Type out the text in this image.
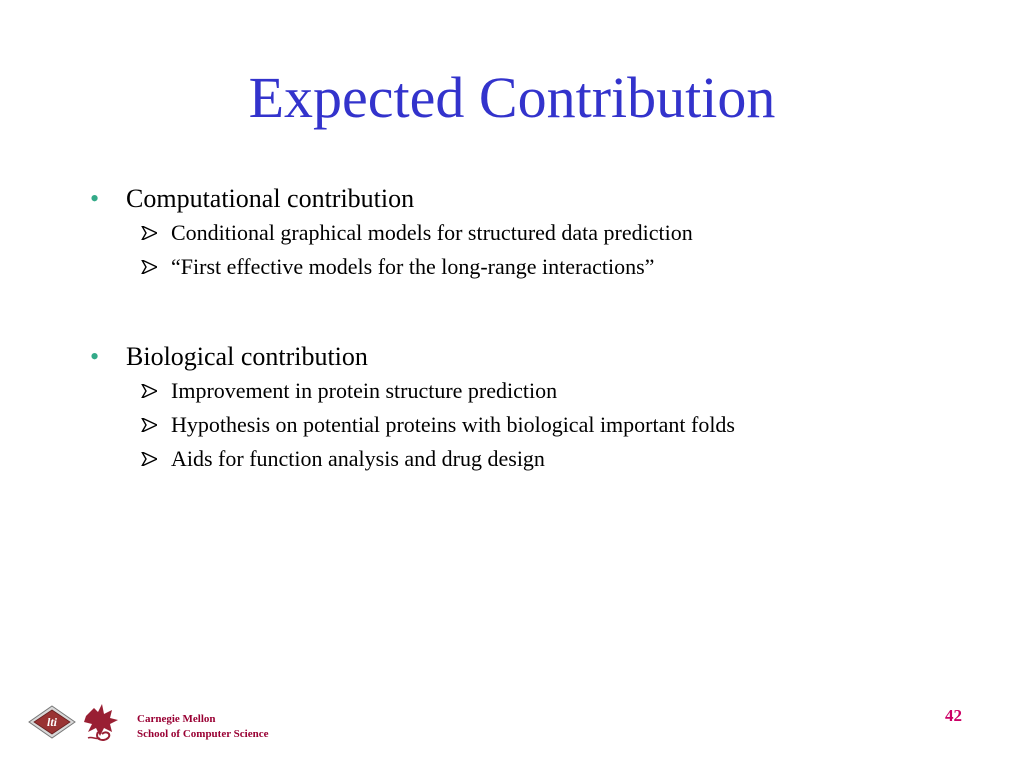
Expected Contribution
• Computational contribution
Conditional graphical models for structured data prediction
“First effective models for the long-range interactions”
• Biological contribution
Improvement in protein structure prediction
Hypothesis on potential proteins with biological important folds
Aids for function analysis and drug design
lti	Carnegie Mellon
School of Computer Science
42
